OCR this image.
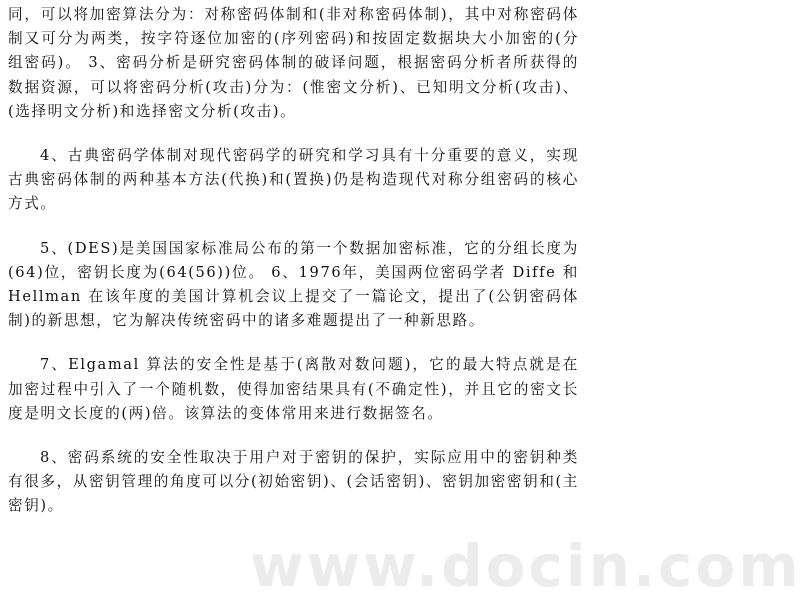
同，可以将加密算法分为：对称密码体制和(非对称密码体制)，其中对称密码体制又可分为两类，按字符逐位加密的(序列密码)和按固定数据块大小加密的(分组密码)。 3、密码分析是研究密码体制的破译问题，根据密码分析者所获得的数据资源，可以将密码分析(攻击)分为：(惟密文分析)、已知明文分析(攻击)、(选择明文分析)和选择密文分析(攻击)。

4、古典密码学体制对现代密码学的研究和学习具有十分重要的意义，实现古典密码体制的两种基本方法(代换)和(置换)仍是构造现代对称分组密码的核心方式。

5、(DES)是美国国家标准局公布的第一个数据加密标准，它的分组长度为(64)位，密钥长度为(64(56))位。 6、1976年，美国两位密码学者 Diffe 和 Hellman 在该年度的美国计算机会议上提交了一篇论文，提出了(公钥密码体制)的新思想，它为解决传统密码中的诸多难题提出了一种新思路。

7、Elgamal 算法的安全性是基于(离散对数问题)，它的最大特点就是在加密过程中引入了一个随机数，使得加密结果具有(不确定性)，并且它的密文长度是明文长度的(两)倍。该算法的变体常用来进行数据签名。

8、密码系统的安全性取决于用户对于密钥的保护，实际应用中的密钥种类有很多，从密钥管理的角度可以分(初始密钥)、(会话密钥)、密钥加密密钥和(主密钥)。

www.docin.com
